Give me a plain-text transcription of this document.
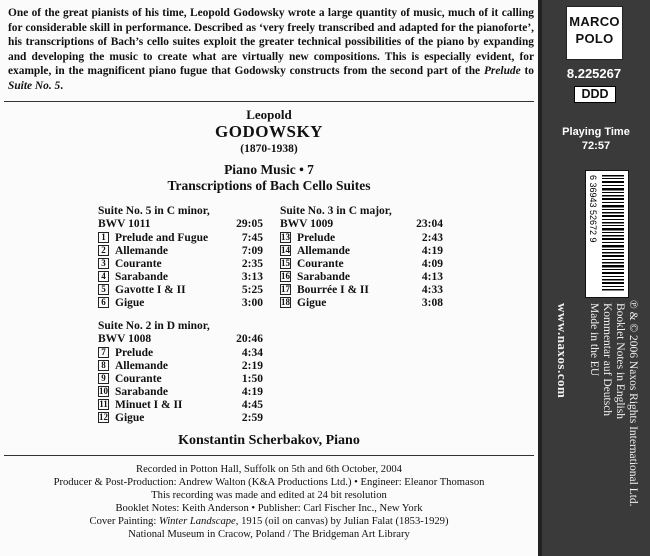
One of the great pianists of his time, Leopold Godowsky wrote a large quantity of music, much of it calling for considerable skill in performance. Described as ‘very freely transcribed and adapted for the pianoforte’, his transcriptions of Bach’s cello suites exploit the greater technical possibilities of the piano by expanding and developing the music to create what are virtually new compositions. This is especially evident, for example, in the magnificent piano fugue that Godowsky constructs from the second part of the Prelude to Suite No. 5.

Leopold
GODOWSKY
(1870-1938)
Piano Music • 7
Transcriptions of Bach Cello Suites
Suite No. 5 in C minor,
29:05
BWV 1011
1 Prelude and Fugue	7:45
2 Allemande	7:09
3 Courante	2:35
4 Sarabande	3:13
5 Gavotte I & II	5:25
6 Gigue	3:00
Suite No. 2 in D minor,
20:46
BWV 1008
7 Prelude	4:34
8 Allemande	2:19
9 Courante	1:50
10 Sarabande	4:19
11 Minuet I & II	4:45
12 Gigue	2:59
Suite No. 3 in C major,
23:04
BWV 1009
13 Prelude	2:43
14 Allemande	4:19
15 Courante	4:09
16 Sarabande	4:13
17 Bourrée I & II	4:33
18 Gigue	3:08
Konstantin Scherbakov, Piano
Recorded in Potton Hall, Suffolk on 5th and 6th October, 2004
Producer & Post-Production: Andrew Walton (K&A Productions Ltd.) • Engineer: Eleanor Thomason
This recording was made and edited at 24 bit resolution
Booklet Notes: Keith Anderson • Publisher: Carl Fischer Inc., New York
Cover Painting: Winter Landscape, 1915 (oil on canvas) by Julian Falat (1853-1929)
National Museum in Cracow, Poland / The Bridgeman Art Library
MARCO
POLO
8.225267
DDD
Playing Time
72:57
6 36943 52672 9
www.naxos.com	℗ & © 2006 Naxos Rights International Ltd.
Booklet Notes in English
Kommentar auf Deutsch
Made in the EU
